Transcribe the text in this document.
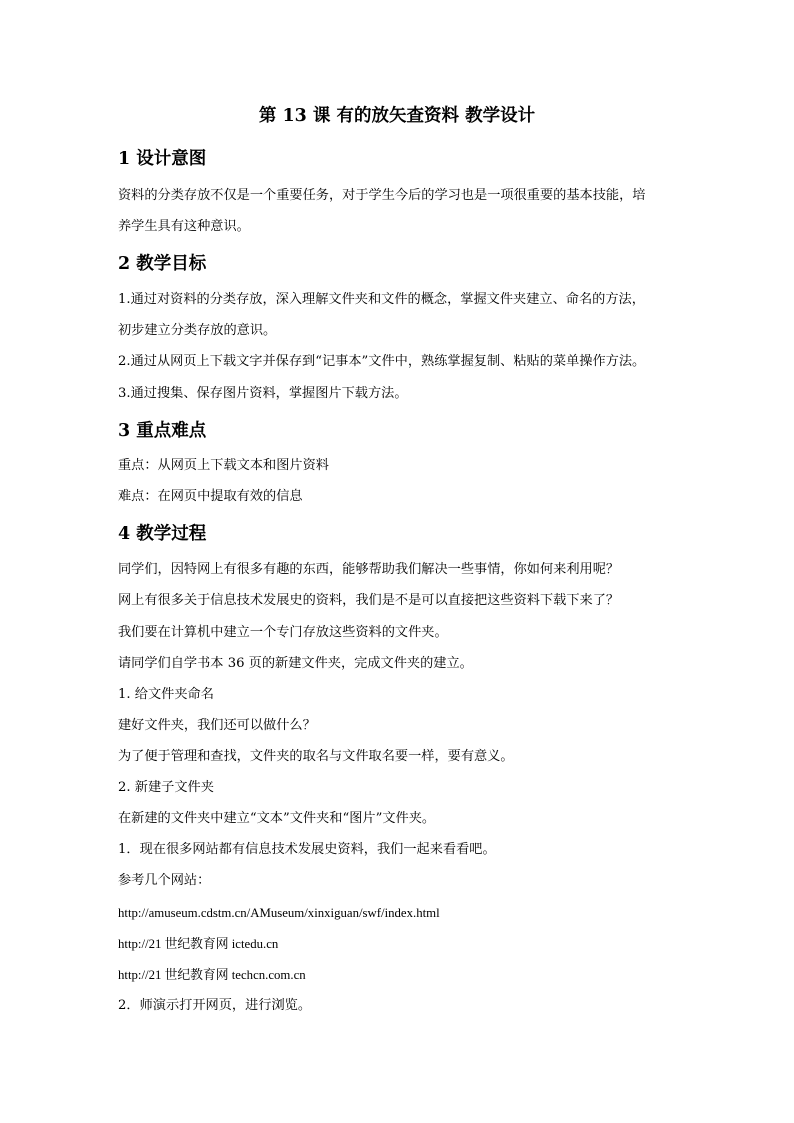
第 13 课 有的放矢查资料 教学设计
1 设计意图
资料的分类存放不仅是一个重要任务，对于学生今后的学习也是一项很重要的基本技能，培
养学生具有这种意识。
2 教学目标
1.通过对资料的分类存放，深入理解文件夹和文件的概念，掌握文件夹建立、命名的方法，
初步建立分类存放的意识。
2.通过从网页上下载文字并保存到“记事本”文件中，熟练掌握复制、粘贴的菜单操作方法。
3.通过搜集、保存图片资料，掌握图片下载方法。
3 重点难点
重点：从网页上下载文本和图片资料
难点：在网页中提取有效的信息
4 教学过程
同学们，因特网上有很多有趣的东西，能够帮助我们解决一些事情，你如何来利用呢？
网上有很多关于信息技术发展史的资料，我们是不是可以直接把这些资料下载下来了？
我们要在计算机中建立一个专门存放这些资料的文件夹。
请同学们自学书本 36 页的新建文件夹，完成文件夹的建立。
1. 给文件夹命名
建好文件夹，我们还可以做什么？
为了便于管理和查找，文件夹的取名与文件取名要一样，要有意义。
2. 新建子文件夹
在新建的文件夹中建立“文本”文件夹和“图片”文件夹。
1．现在很多网站都有信息技术发展史资料，我们一起来看看吧。
参考几个网站：
http://amuseum.cdstm.cn/AMuseum/xinxiguan/swf/index.html
http://21 世纪教育网 ictedu.cn
http://21 世纪教育网 techcn.com.cn
2．师演示打开网页，进行浏览。
